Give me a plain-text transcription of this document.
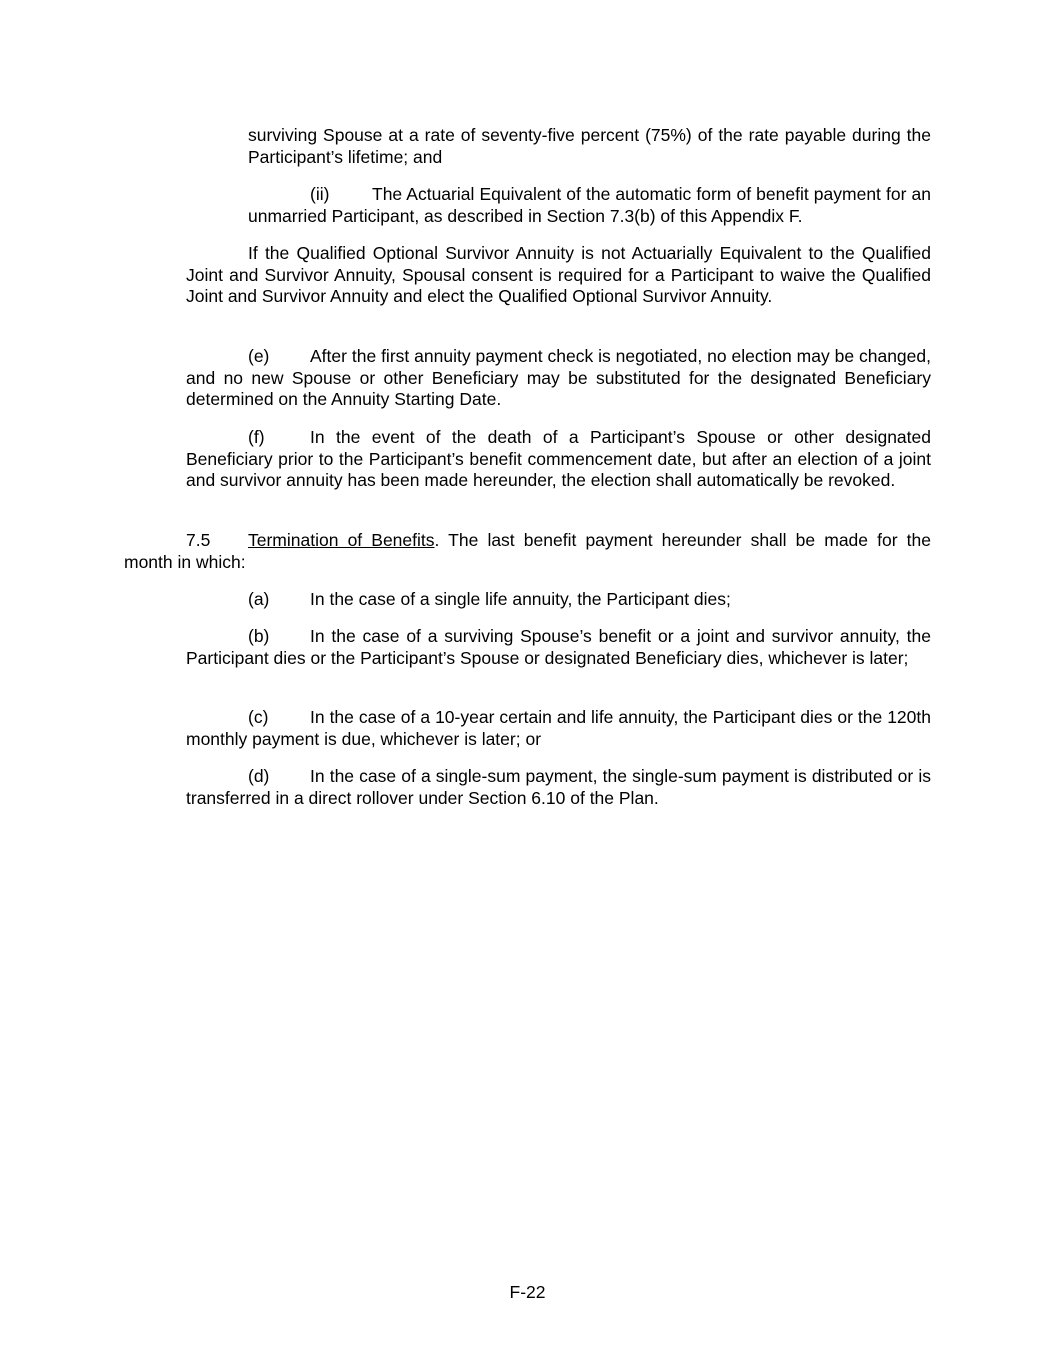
surviving Spouse at a rate of seventy-five percent (75%) of the rate payable during the Participant’s lifetime; and

(ii) The Actuarial Equivalent of the automatic form of benefit payment for an unmarried Participant, as described in Section 7.3(b) of this Appendix F.

If the Qualified Optional Survivor Annuity is not Actuarially Equivalent to the Qualified Joint and Survivor Annuity, Spousal consent is required for a Participant to waive the Qualified Joint and Survivor Annuity and elect the Qualified Optional Survivor Annuity.

(e) After the first annuity payment check is negotiated, no election may be changed, and no new Spouse or other Beneficiary may be substituted for the designated Beneficiary determined on the Annuity Starting Date.

(f)	In the event of the death of a Participant’s Spouse or other designated Beneficiary prior to the Participant’s benefit commencement date, but after an election of a joint and survivor annuity has been made hereunder, the election shall automatically be revoked.

7.5 Termination of Benefits. The last benefit payment hereunder shall be made for the month in which:

(a) In the case of a single life annuity, the Participant dies;

(b) In the case of a surviving Spouse’s benefit or a joint and survivor annuity, the Participant dies or the Participant’s Spouse or designated Beneficiary dies, whichever is later;

(c) In the case of a 10-year certain and life annuity, the Participant dies or the 120th monthly payment is due, whichever is later; or

(d) In the case of a single-sum payment, the single-sum payment is distributed or is transferred in a direct rollover under Section 6.10 of the Plan.

F-22
